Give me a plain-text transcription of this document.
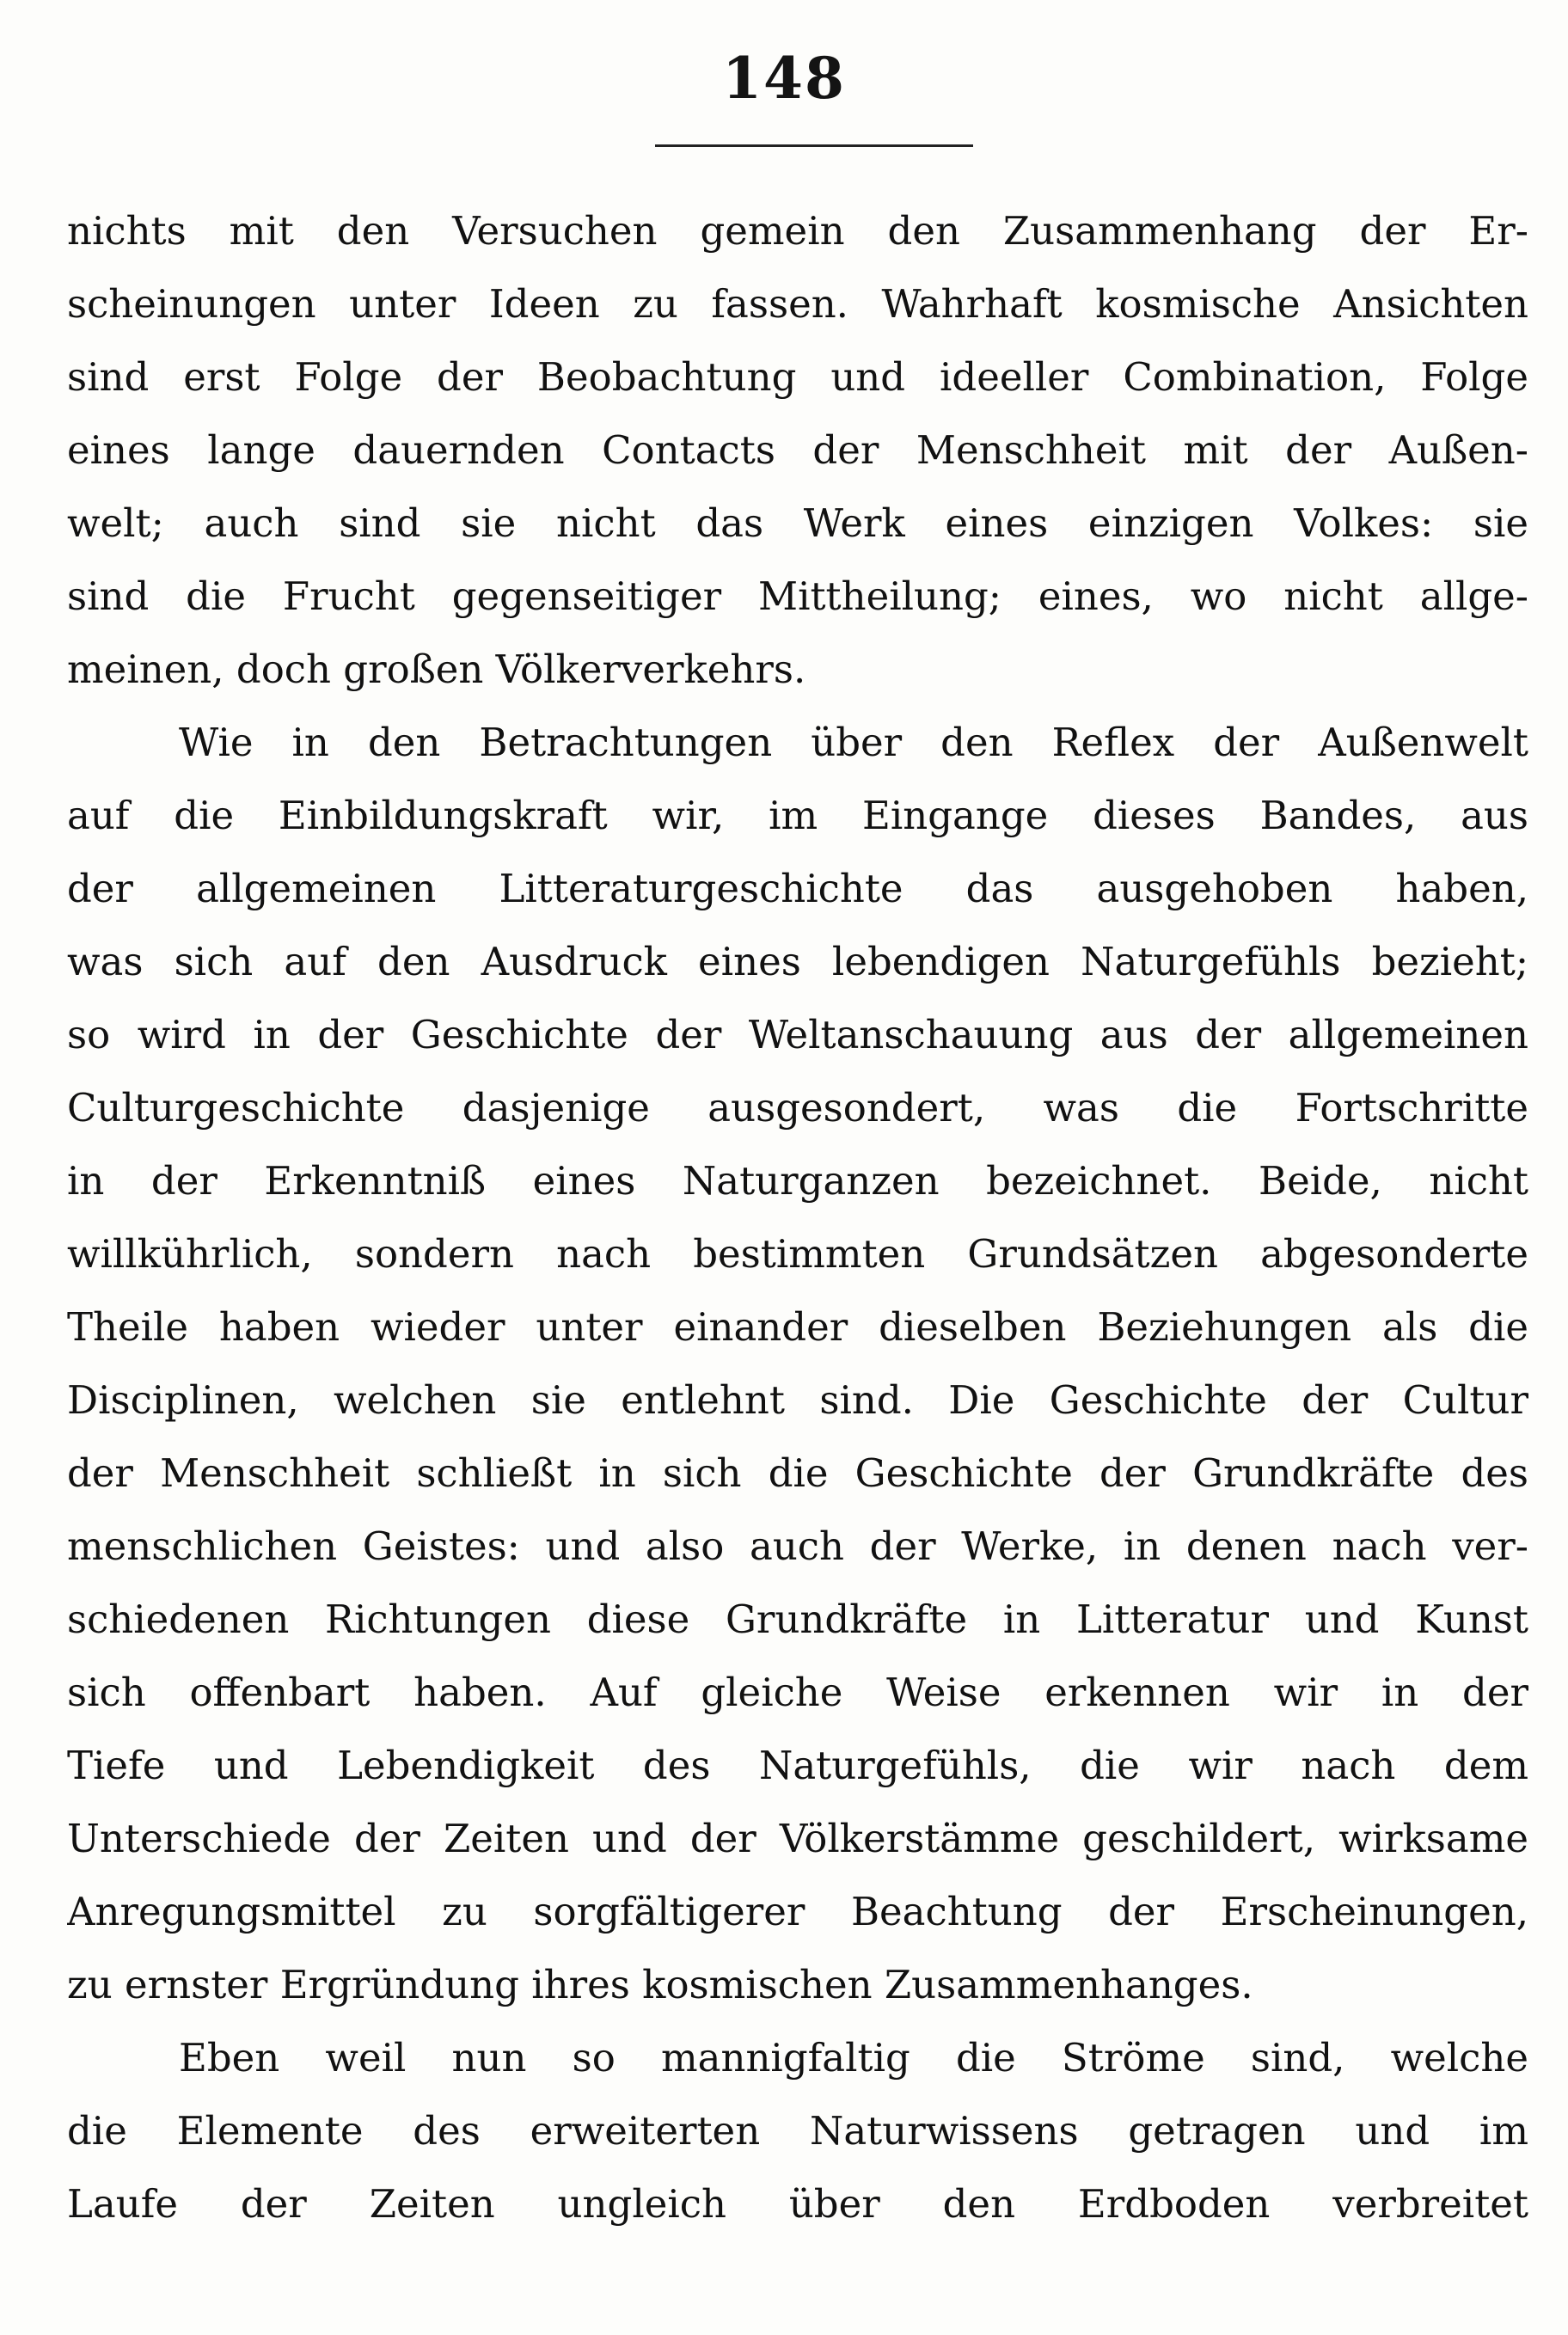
148
nichts mit den Versuchen gemein den Zusammenhang der Er-
scheinungen unter Ideen zu fassen. Wahrhaft kosmische Ansichten
sind erst Folge der Beobachtung und ideeller Combination, Folge
eines lange dauernden Contacts der Menschheit mit der Außen-
welt; auch sind sie nicht das Werk eines einzigen Volkes: sie
sind die Frucht gegenseitiger Mittheilung; eines, wo nicht allge-
meinen, doch großen Völkerverkehrs.
Wie in den Betrachtungen über den Reflex der Außenwelt
auf die Einbildungskraft wir, im Eingange dieses Bandes, aus
der allgemeinen Litteraturgeschichte das ausgehoben haben,
was sich auf den Ausdruck eines lebendigen Naturgefühls bezieht;
so wird in der Geschichte der Weltanschauung aus der allgemeinen
Culturgeschichte dasjenige ausgesondert, was die Fortschritte
in der Erkenntniß eines Naturganzen bezeichnet. Beide, nicht
willkührlich, sondern nach bestimmten Grundsätzen abgesonderte
Theile haben wieder unter einander dieselben Beziehungen als die
Disciplinen, welchen sie entlehnt sind. Die Geschichte der Cultur
der Menschheit schließt in sich die Geschichte der Grundkräfte des
menschlichen Geistes: und also auch der Werke, in denen nach ver-
schiedenen Richtungen diese Grundkräfte in Litteratur und Kunst
sich offenbart haben. Auf gleiche Weise erkennen wir in der
Tiefe und Lebendigkeit des Naturgefühls, die wir nach dem
Unterschiede der Zeiten und der Völkerstämme geschildert, wirksame
Anregungsmittel zu sorgfältigerer Beachtung der Erscheinungen,
zu ernster Ergründung ihres kosmischen Zusammenhanges.
Eben weil nun so mannigfaltig die Ströme sind, welche
die Elemente des erweiterten Naturwissens getragen und im
Laufe der Zeiten ungleich über den Erdboden verbreitet
